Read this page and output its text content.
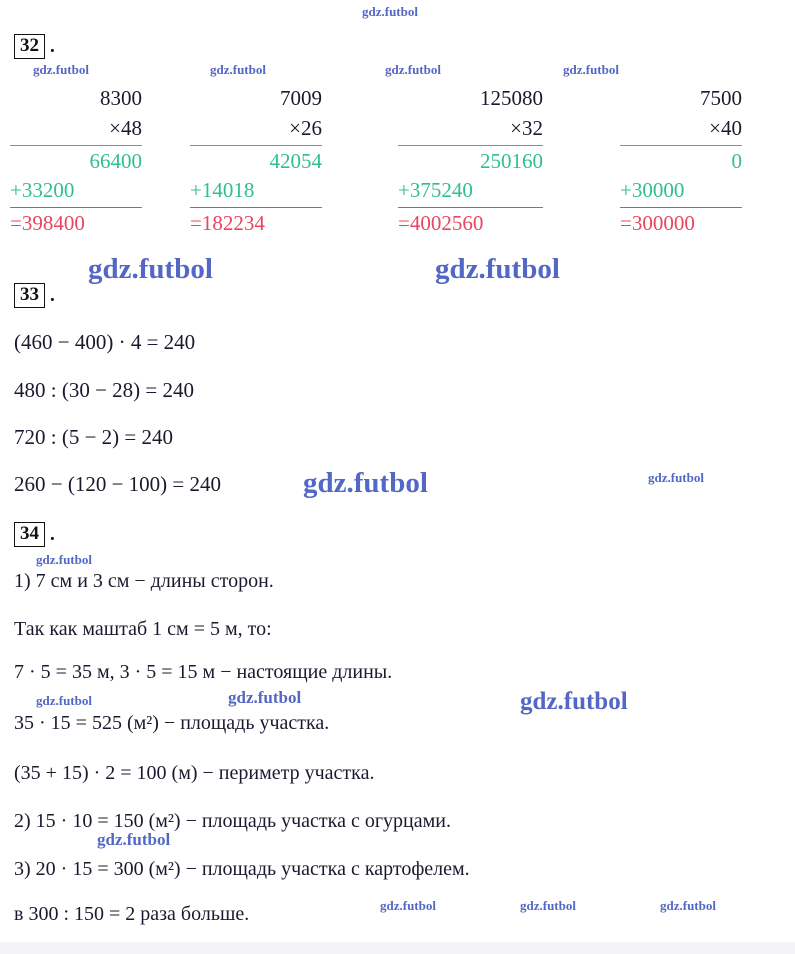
32 .
8300
×48
66400
+33200
=398400
7009
×26
42054
+14018
=182234
125080
×32
250160
+375240
=4002560
7500
×40
0
+30000
=300000
33 .
(460 − 400) · 4 = 240
480 : (30 − 28) = 240
720 : (5 − 2) = 240
260 − (120 − 100) = 240
34 .
1) 7 см и 3 см − длины сторон.
Так как маштаб 1 см = 5 м, то:
7 · 5 = 35 м, 3 · 5 = 15 м − настоящие длины.
35 · 15 = 525 (м²) − площадь участка.
(35 + 15) · 2 = 100 (м) − периметр участка.
2) 15 · 10 = 150 (м²) − площадь участка с огурцами.
3) 20 · 15 = 300 (м²) − площадь участка с картофелем.
в 300 : 150 = 2 раза больше.
gdz.futbol
gdz.futbol	gdz.futbol	gdz.futbol	gdz.futbol
gdz.futbol	gdz.futbol
gdz.futbol	gdz.futbol
gdz.futbol
gdz.futbol	gdz.futbol	gdz.futbol
gdz.futbol
gdz.futbol	gdz.futbol	gdz.futbol
